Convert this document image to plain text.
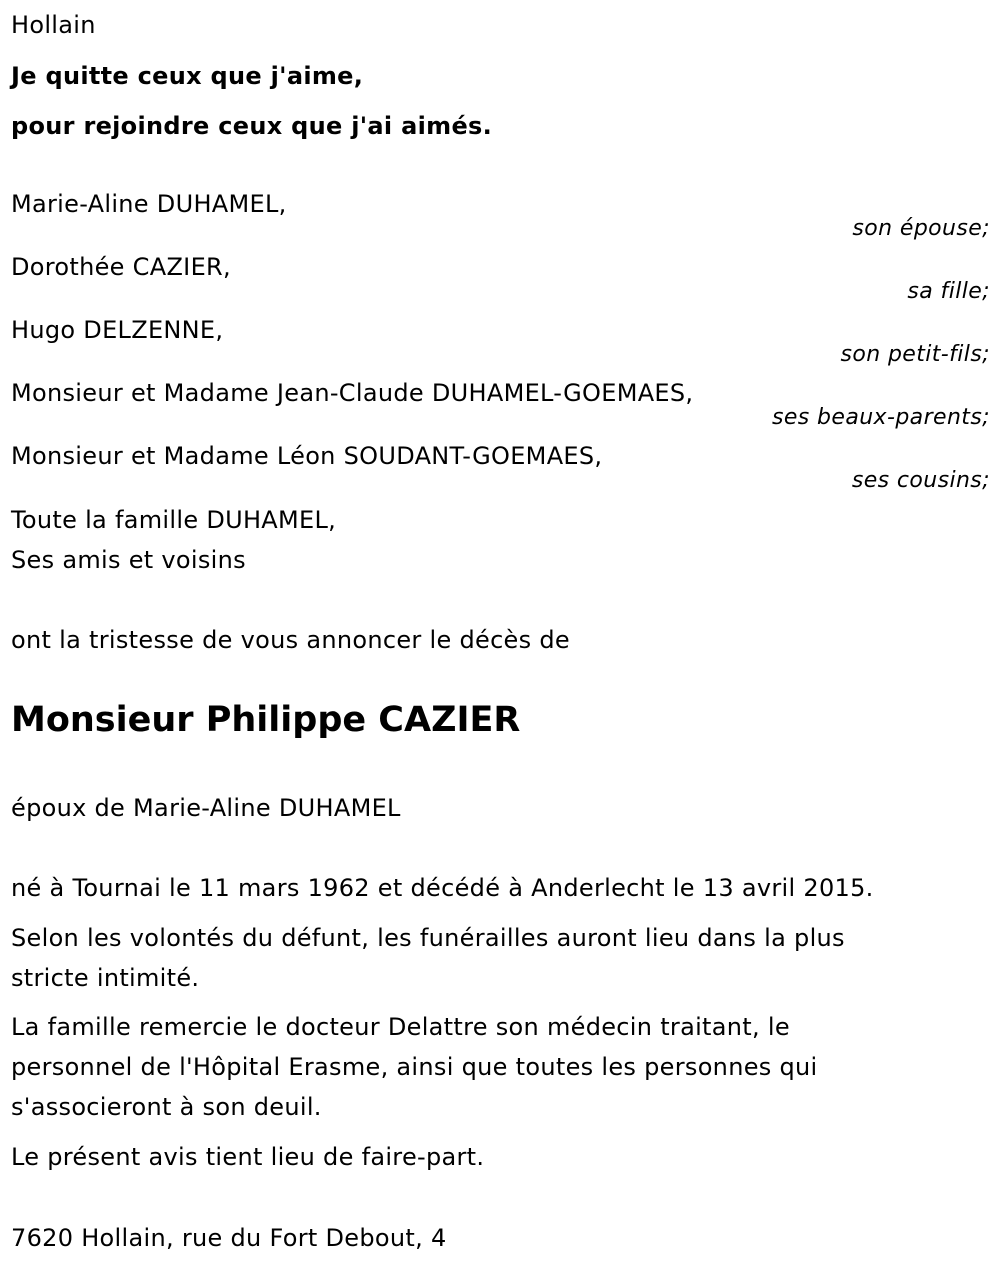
Hollain
Je quitte ceux que j'aime,
pour rejoindre ceux que j'ai aimés.
Marie-Aline DUHAMEL,
son épouse;
Dorothée CAZIER,
sa fille;
Hugo DELZENNE,
son petit-fils;
Monsieur et Madame Jean-Claude DUHAMEL-GOEMAES,
ses beaux-parents;
Monsieur et Madame Léon SOUDANT-GOEMAES,
ses cousins;
Toute la famille DUHAMEL,
Ses amis et voisins
ont la tristesse de vous annoncer le décès de
Monsieur Philippe CAZIER
époux de Marie-Aline DUHAMEL
né à Tournai le 11 mars 1962 et décédé à Anderlecht le 13 avril 2015.
Selon les volontés du défunt, les funérailles auront lieu dans la plus
stricte intimité.
La famille remercie le docteur Delattre son médecin traitant, le
personnel de l'Hôpital Erasme, ainsi que toutes les personnes qui
s'associeront à son deuil.
Le présent avis tient lieu de faire-part.
7620 Hollain, rue du Fort Debout, 4
